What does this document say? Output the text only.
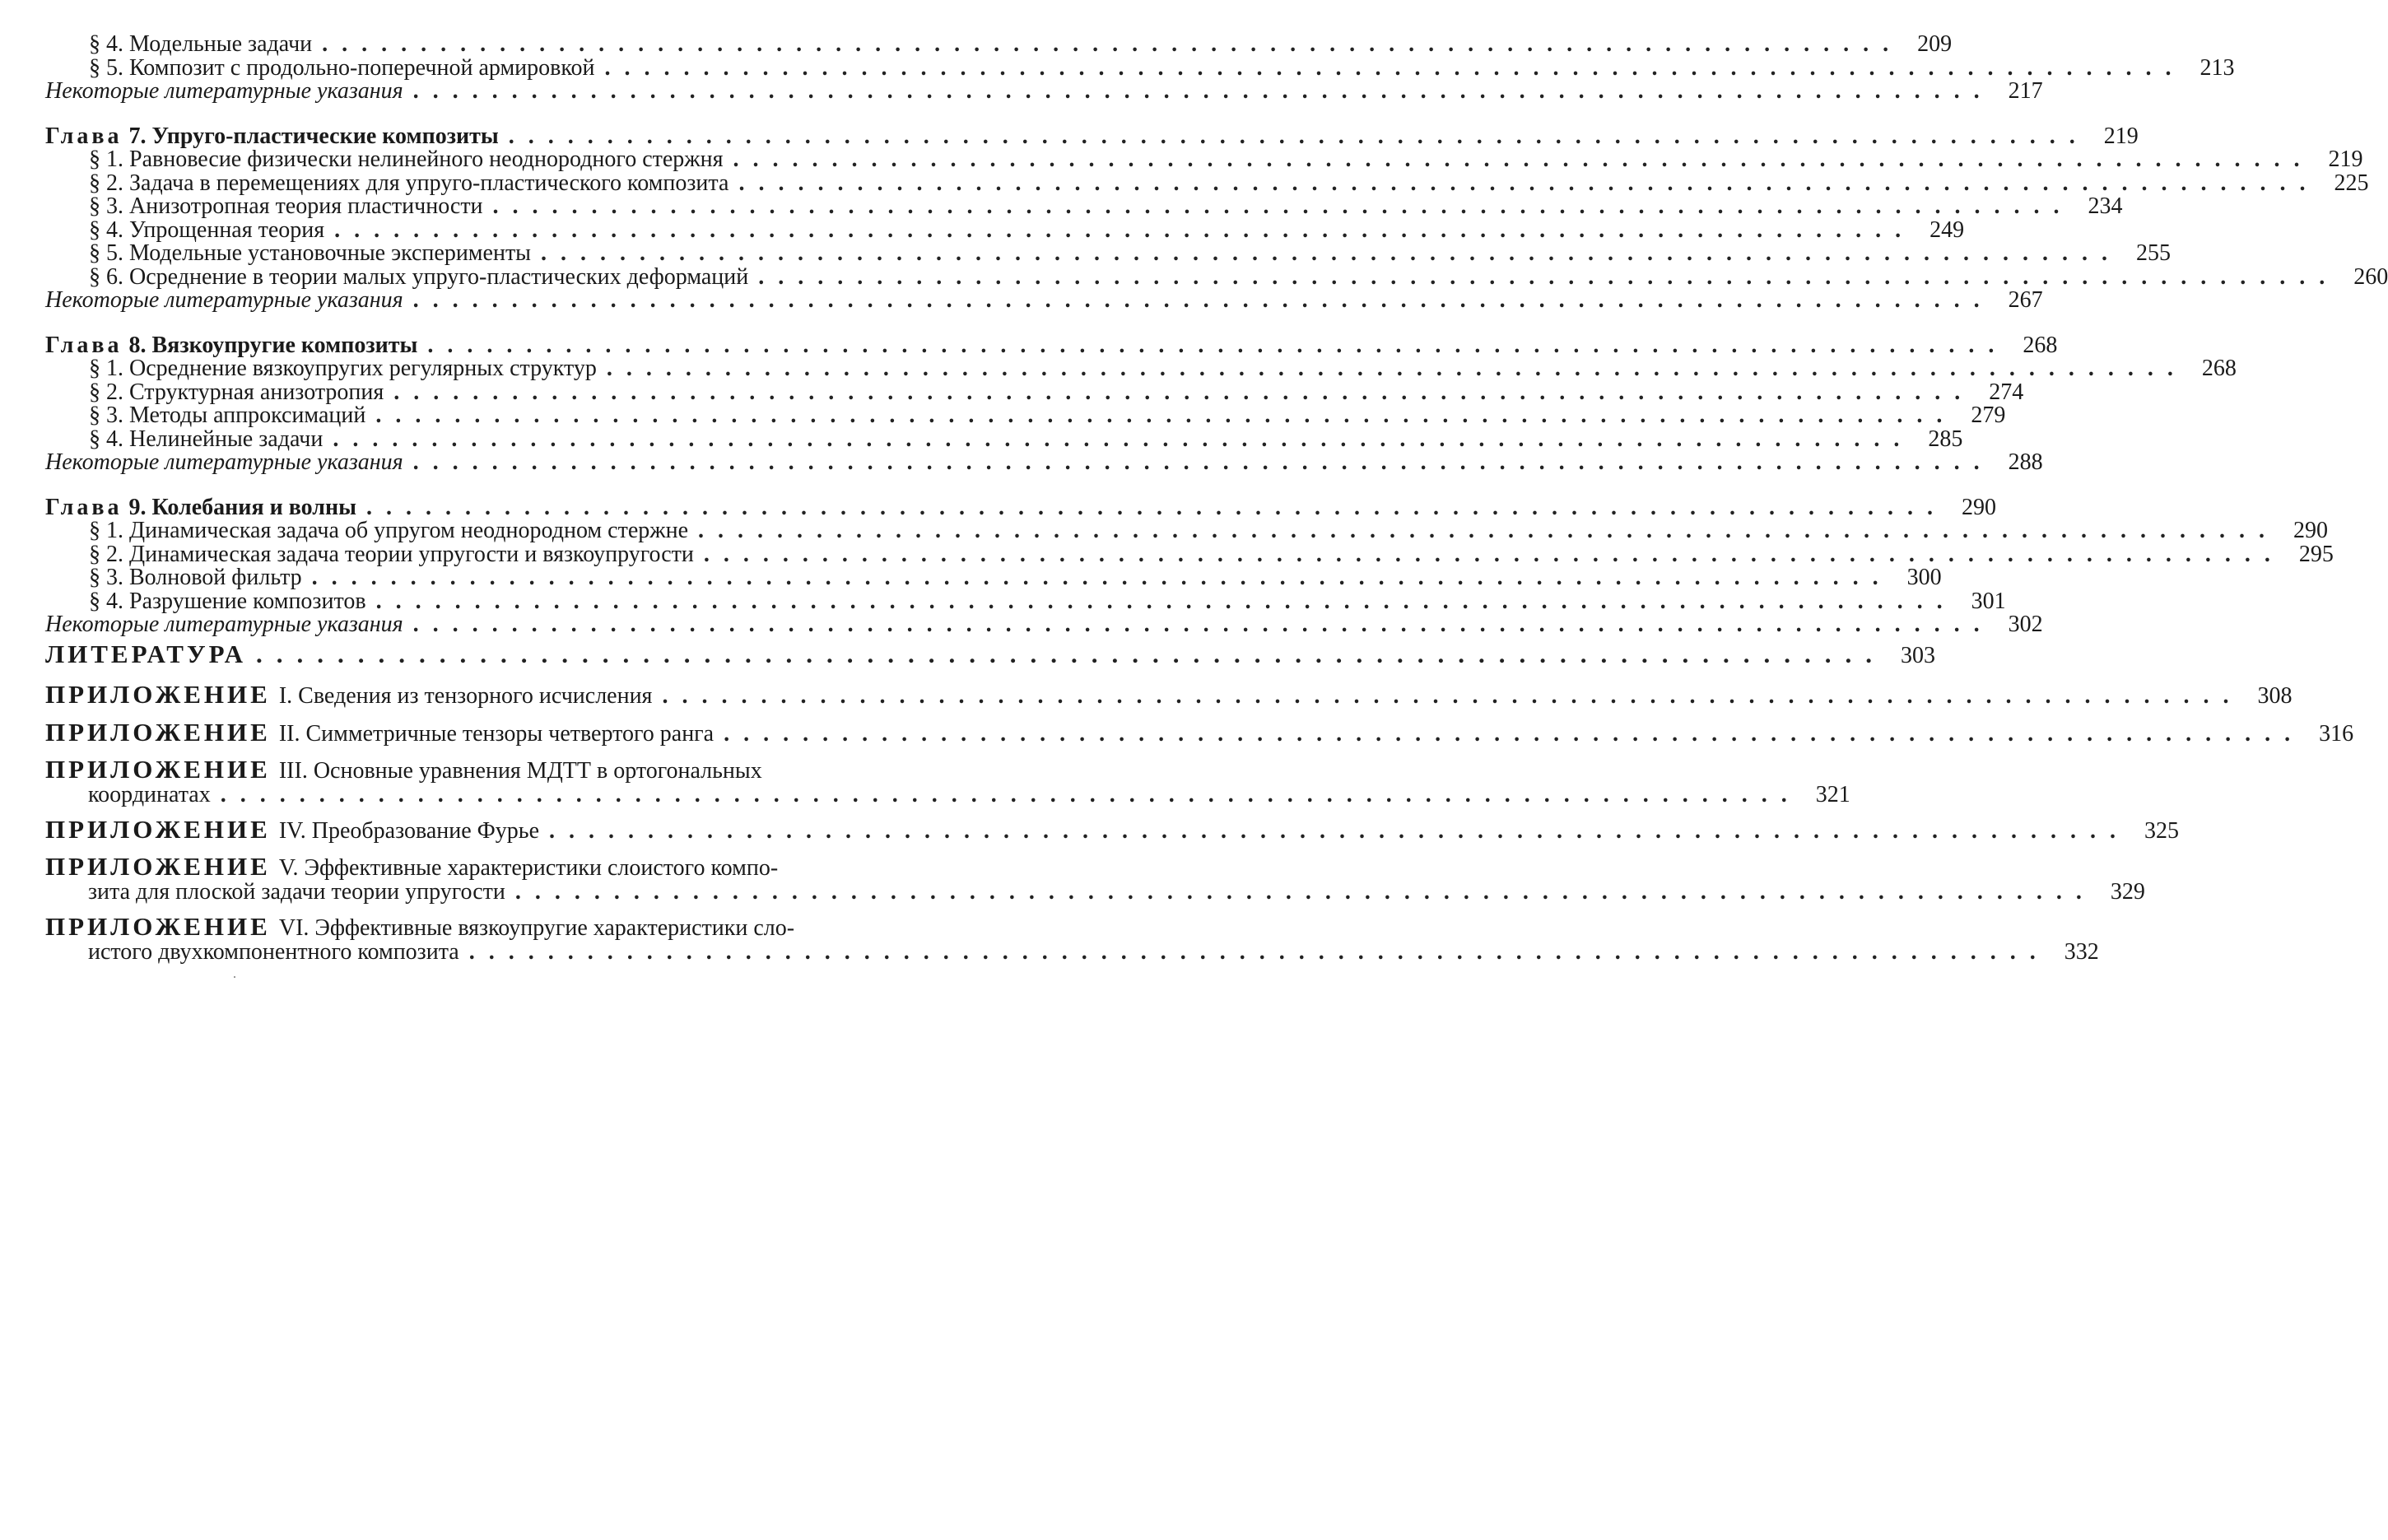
§ 4. Модельные задачи ................................................................................ 209
§ 5. Композит с продольно-поперечной армировкой ................................................................................ 213
Некоторые литературные указания ................................................................................ 217
Глава 7. Упруго-пластические композиты ................................................................................ 219
§ 1. Равновесие физически нелинейного неоднородного стержня ................................................................................ 219
§ 2. Задача в перемещениях для упруго-пластического композита ................................................................................ 225
§ 3. Анизотропная теория пластичности ................................................................................ 234
§ 4. Упрощенная теория ................................................................................ 249
§ 5. Модельные установочные эксперименты ................................................................................ 255
§ 6. Осреднение в теории малых упруго-пластических деформаций ................................................................................ 260
Некоторые литературные указания ................................................................................ 267
Глава 8. Вязкоупругие композиты ................................................................................ 268
§ 1. Осреднение вязкоупругих регулярных структур ................................................................................ 268
§ 2. Структурная анизотропия ................................................................................ 274
§ 3. Методы аппроксимаций ................................................................................ 279
§ 4. Нелинейные задачи ................................................................................ 285
Некоторые литературные указания ................................................................................ 288
Глава 9. Колебания и волны ................................................................................ 290
§ 1. Динамическая задача об упругом неоднородном стержне ................................................................................ 290
§ 2. Динамическая задача теории упругости и вязкоупругости ................................................................................ 295
§ 3. Волновой фильтр ................................................................................ 300
§ 4. Разрушение композитов ................................................................................ 301
Некоторые литературные указания ................................................................................ 302
ЛИТЕРАТУРА ................................................................................ 303
ПРИЛОЖЕНИЕ I. Сведения из тензорного исчисления ................................................................................ 308
ПРИЛОЖЕНИЕ II. Симметричные тензоры четвертого ранга ................................................................................ 316
ПРИЛОЖЕНИЕ III. Основные уравнения МДТТ в ортогональных
координатах ................................................................................ 321
ПРИЛОЖЕНИЕ IV. Преобразование Фурье ................................................................................ 325
ПРИЛОЖЕНИЕ V. Эффективные характеристики слоистого компо-
зита для плоской задачи теории упругости ................................................................................ 329
ПРИЛОЖЕНИЕ VI. Эффективные вязкоупругие характеристики сло-
истого двухкомпонентного композита ................................................................................ 332
